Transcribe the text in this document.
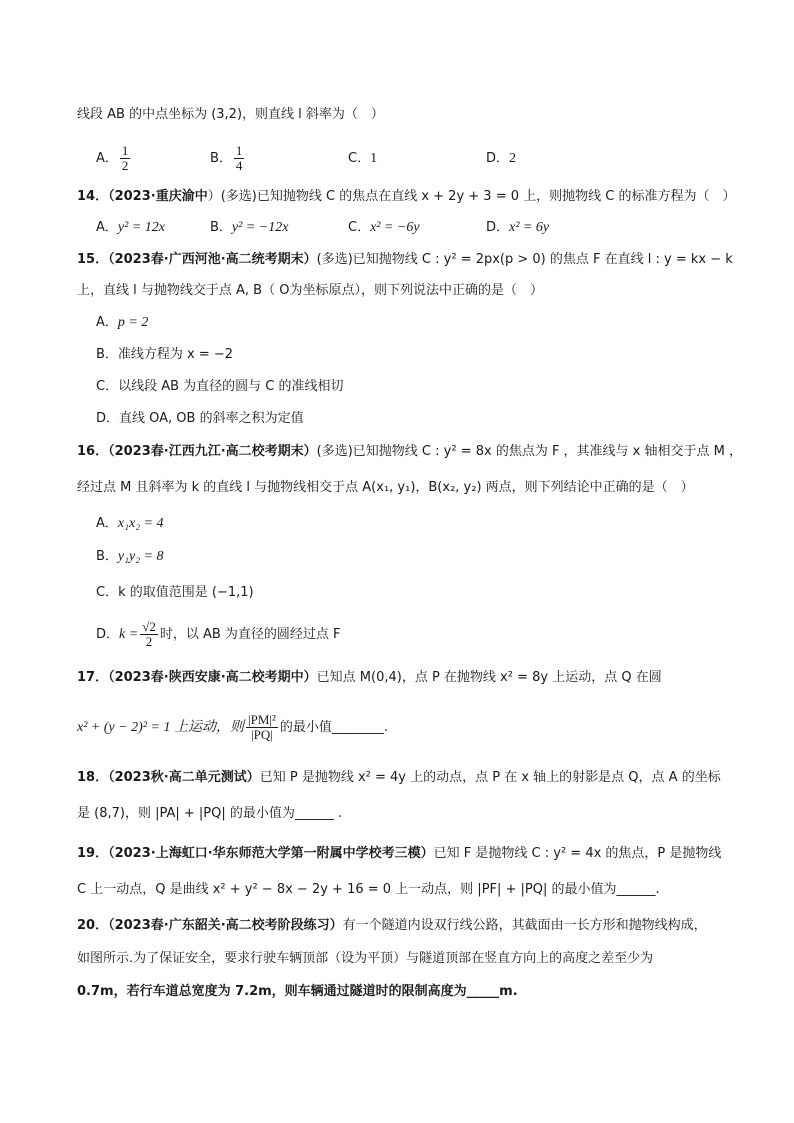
线段 AB 的中点坐标为 (3,2)，则直线 l 斜率为（　）
A． $\frac{1}{2}$	B． $\frac{1}{4}$	C．1	D．2
14．（2023·重庆渝中）(多选)已知抛物线 C 的焦点在直线 x + 2y + 3 = 0 上，则抛物线 C 的标准方程为（　）
A．y² = 12x	B．y² = −12x	C．x² = −6y	D．x² = 6y
15．（2023春·广西河池·高二统考期末）(多选)已知抛物线 C : y² = 2px(p > 0) 的焦点 F 在直线 l : y = kx − k
上，直线 l 与抛物线交于点 A, B（ O为坐标原点），则下列说法中正确的是（　）
A．p = 2
B．准线方程为 x = −2
C．以线段 AB 为直径的圆与 C 的准线相切
D．直线 OA, OB 的斜率之积为定值
16．（2023春·江西九江·高二校考期末）(多选)已知抛物线 C : y² = 8x 的焦点为 F ，其准线与 x 轴相交于点 M ，
经过点 M 且斜率为 k 的直线 l 与抛物线相交于点 A(x₁, y₁)，B(x₂, y₂) 两点，则下列结论中正确的是（　）
A．x₁x₂ = 4
B．y₁y₂ = 8
C．k 的取值范围是 (−1,1)
D．$k = \frac{√2}{2}$ 时，以 AB 为直径的圆经过点 F
17．（2023春·陕西安康·高二校考期中）已知点 M(0,4)，点 P 在抛物线 x² = 8y 上运动，点 Q 在圆
x² + (y − 2)² = 1 上运动，则 $\frac{\text{|PM|²}}{|PQ|}$ 的最小值________.
18．（2023秋·高二单元测试）已知 P 是抛物线 x² = 4y 上的动点，点 P 在 x 轴上的射影是点 Q，点 A 的坐标
是 (8,7)，则 |PA| + |PQ| 的最小值为______ .
19．（2023·上海虹口·华东师范大学第一附属中学校考三模）已知 F 是抛物线 C : y² = 4x 的焦点，P 是抛物线
C 上一动点，Q 是曲线 x² + y² − 8x − 2y + 16 = 0 上一动点，则 |PF| + |PQ| 的最小值为______.
20．（2023春·广东韶关·高二校考阶段练习）有一个隧道内设双行线公路，其截面由一长方形和抛物线构成，
如图所示.为了保证安全，要求行驶车辆顶部（设为平顶）与隧道顶部在竖直方向上的高度之差至少为
0.7m，若行车道总宽度为 7.2m，则车辆通过隧道时的限制高度为_____m.
